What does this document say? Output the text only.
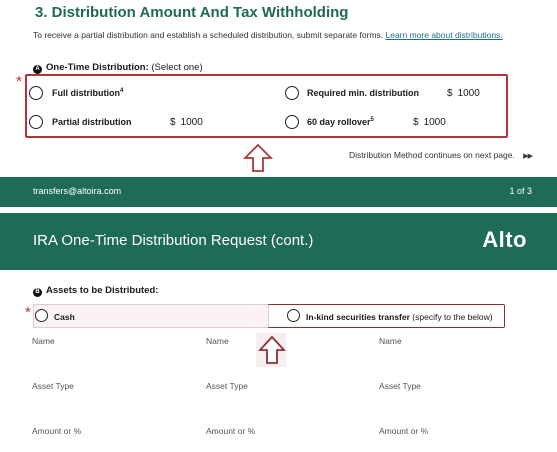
3. Distribution Amount And Tax Withholding
To receive a partial distribution and establish a scheduled distribution, submit separate forms. Learn more about distributions.
A One-Time Distribution: (Select one)
*
Full distribution$^4$	Required min. distribution	$ 1000
Partial distribution	$ 1000	60 day rollover$^5$	$ 1000
Distribution Method continues on next page. ▶▶
transfers@altoira.com	1 of 3
IRA One-Time Distribution Request (cont.)	Alto
B Assets to be Distributed:
*	Cash	In-kind securities transfer (specify to the below)
Name	Name	Name
Asset Type	Asset Type	Asset Type
Amount or %	Amount or %	Amount or %
